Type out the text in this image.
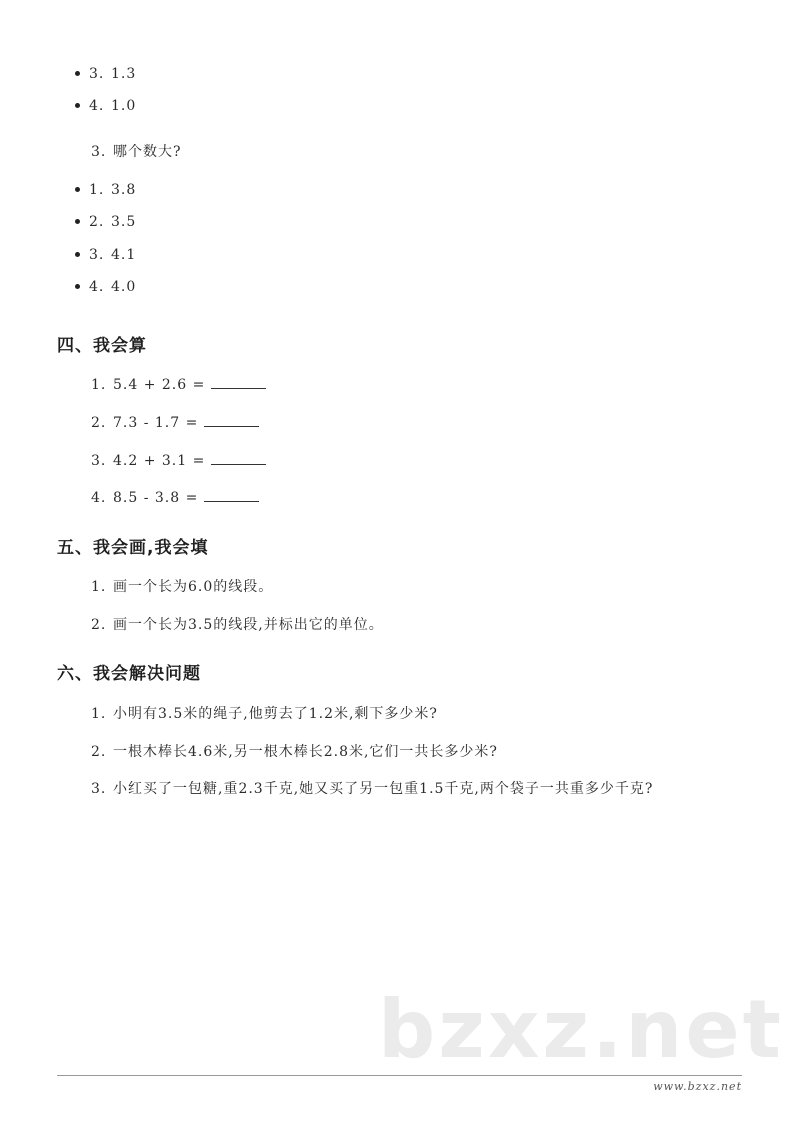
3. 1.3
4. 1.0
3. 哪个数大?
1. 3.8
2. 3.5
3. 4.1
4. 4.0
四、我会算
1. 5.4 + 2.6 =
2. 7.3 - 1.7 =
3. 4.2 + 3.1 =
4. 8.5 - 3.8 =
五、我会画,我会填
1. 画一个长为6.0的线段。
2. 画一个长为3.5的线段,并标出它的单位。
六、我会解决问题
1. 小明有3.5米的绳子,他剪去了1.2米,剩下多少米?
2. 一根木棒长4.6米,另一根木棒长2.8米,它们一共长多少米?
3. 小红买了一包糖,重2.3千克,她又买了另一包重1.5千克,两个袋子一共重多少千克?
bzxz.net
www.bzxz.net
